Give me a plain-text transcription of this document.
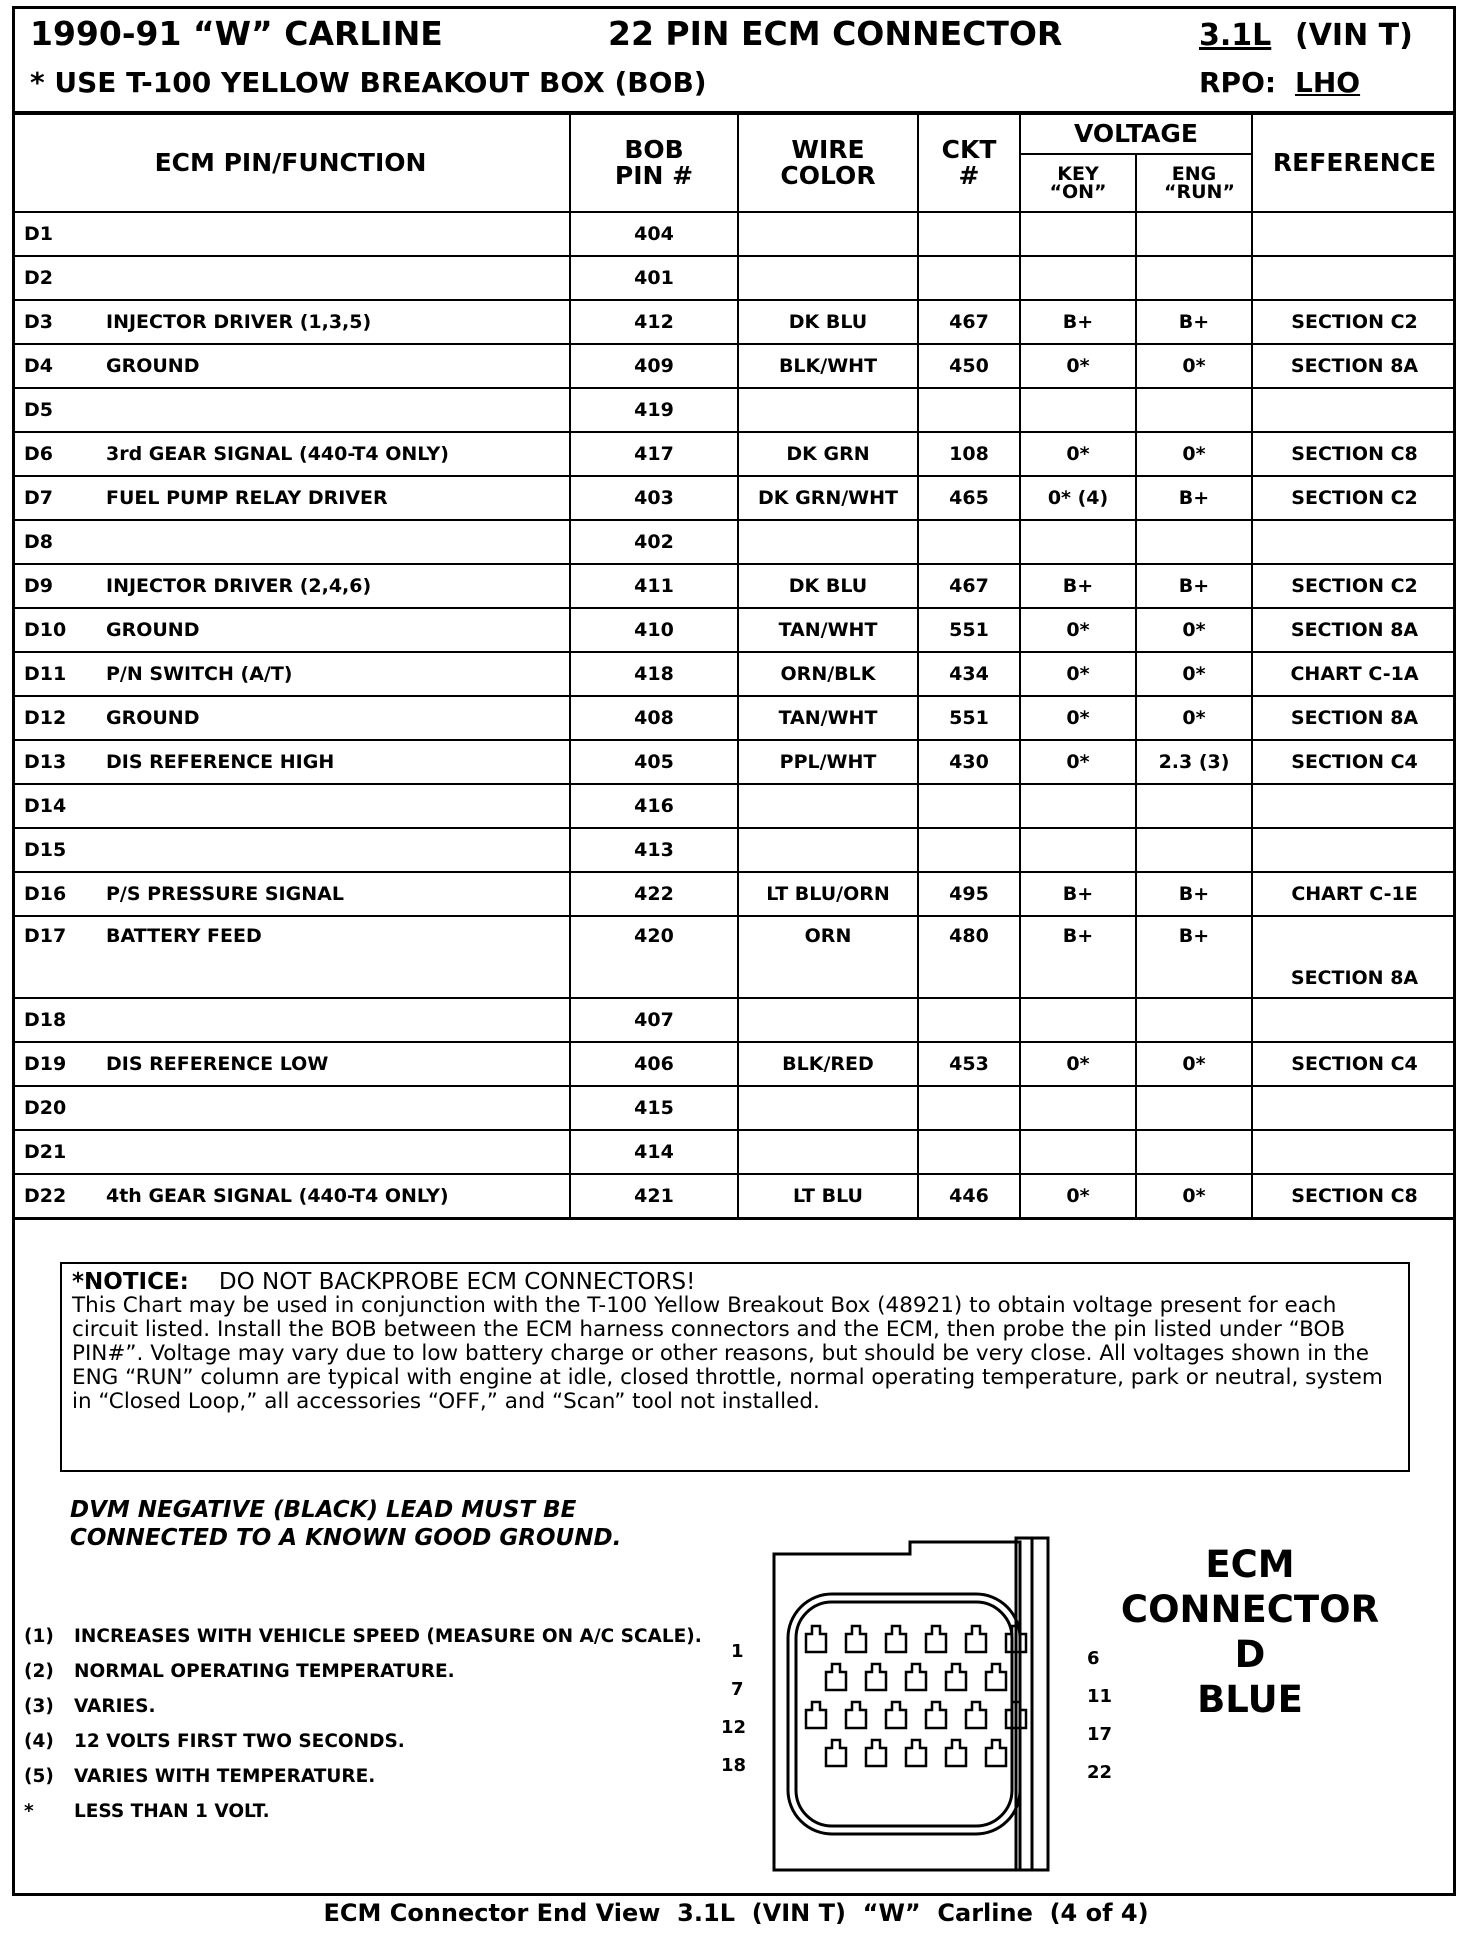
1990-91 “W” CARLINE	22 PIN ECM CONNECTOR	3.1L (VIN T)
* USE T-100 YELLOW BREAKOUT BOX (BOB)	RPO: LHO
ECM PIN/FUNCTION	BOB PIN #	WIRE COLOR	CKT #	VOLTAGE		REFERENCE

				KEY “ON”	ENG “RUN”	

D1	404					
D2	401					
D3 INJECTOR DRIVER (1,3,5)	412	DK BLU	467	B+	B+	SECTION C2
D4 GROUND	409	BLK/WHT	450	0*	0*	SECTION 8A
D5	419					
D6 3rd GEAR SIGNAL (440-T4 ONLY)	417	DK GRN	108	0*	0*	SECTION C8
D7 FUEL PUMP RELAY DRIVER	403	DK GRN/WHT	465	0* (4)	B+	SECTION C2
D8	402					
D9 INJECTOR DRIVER (2,4,6)	411	DK BLU	467	B+	B+	SECTION C2
D10 GROUND	410	TAN/WHT	551	0*	0*	SECTION 8A
D11 P/N SWITCH (A/T)	418	ORN/BLK	434	0*	0*	CHART C-1A
D12 GROUND	408	TAN/WHT	551	0*	0*	SECTION 8A
D13 DIS REFERENCE HIGH	405	PPL/WHT	430	0*	2.3 (3)	SECTION C4
D14	416					
D15	413					
D16 P/S PRESSURE SIGNAL	422	LT BLU/ORN	495	B+	B+	CHART C-1E
D17 BATTERY FEED	420	ORN	480	B+	B+	SECTION 8A
D18	407					
D19 DIS REFERENCE LOW	406	BLK/RED	453	0*	0*	SECTION C4
D20	415					
D21	414					
D22 4th GEAR SIGNAL (440-T4 ONLY)	421	LT BLU	446	0*	0*	SECTION C8
*NOTICE: DO NOT BACKPROBE ECM CONNECTORS!
This Chart may be used in conjunction with the T-100 Yellow Breakout Box (48921) to obtain voltage present for each circuit listed. Install the BOB between the ECM harness connectors and the ECM, then probe the pin listed under “BOB PIN#”. Voltage may vary due to low battery charge or other reasons, but should be very close. All voltages shown in the ENG “RUN” column are typical with engine at idle, closed throttle, normal operating temperature, park or neutral, system in “Closed Loop,” all accessories “OFF,” and “Scan” tool not installed.
DVM NEGATIVE (BLACK) LEAD MUST BE
CONNECTED TO A KNOWN GOOD GROUND.
(1) INCREASES WITH VEHICLE SPEED (MEASURE ON A/C SCALE).
(2) NORMAL OPERATING TEMPERATURE.
(3) VARIES.
(4) 12 VOLTS FIRST TWO SECONDS.
(5) VARIES WITH TEMPERATURE.
* LESS THAN 1 VOLT.
1
7
12
18
6
11
17
22
ECM
CONNECTOR D
BLUE
ECM Connector End View  3.1L  (VIN T)  “W”  Carline  (4 of 4)
